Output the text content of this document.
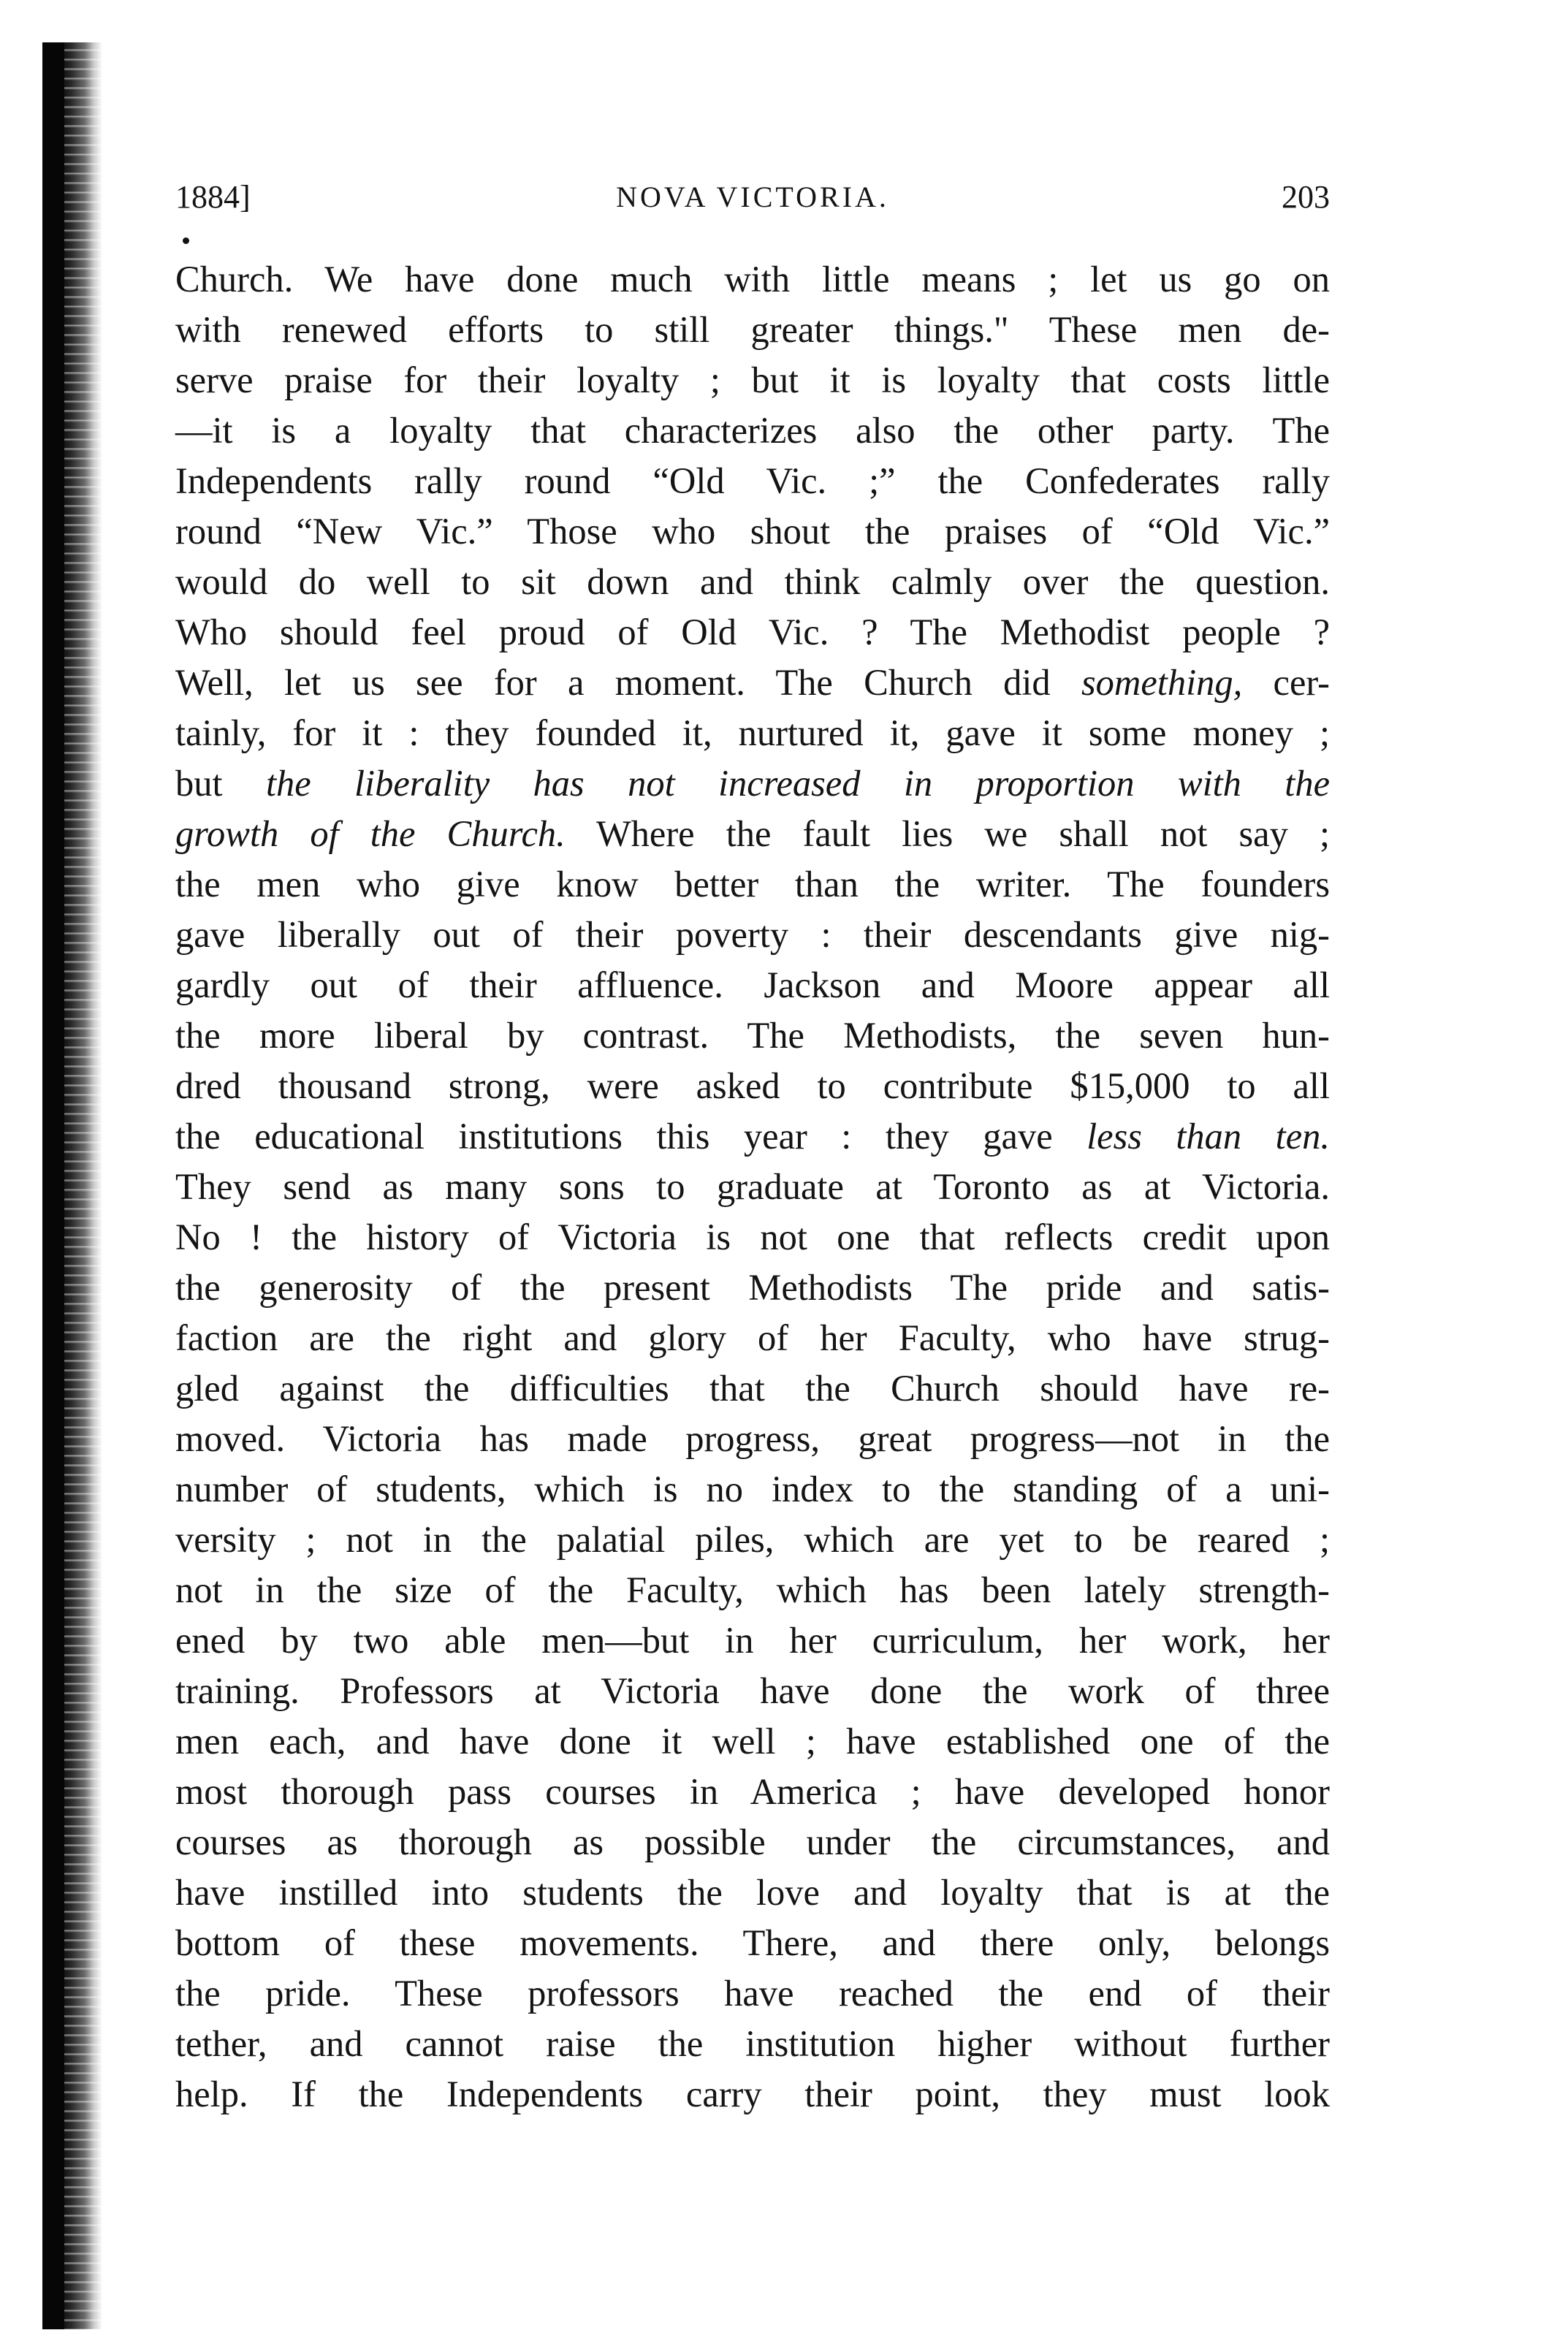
1884]	NOVA VICTORIA.	203
Church. We have done much with little means ; let us go on
with renewed efforts to still greater things." These men de-
serve praise for their loyalty ; but it is loyalty that costs little
—it is a loyalty that characterizes also the other party. The
Independents rally round “Old Vic. ;” the Confederates rally
round “New Vic.” Those who shout the praises of “Old Vic.”
would do well to sit down and think calmly over the question.
Who should feel proud of Old Vic. ? The Methodist people ?
Well, let us see for a moment. The Church did something, cer-
tainly, for it : they founded it, nurtured it, gave it some money ;
but the liberality has not increased in proportion with the
growth of the Church. Where the fault lies we shall not say ;
the men who give know better than the writer. The founders
gave liberally out of their poverty : their descendants give nig-
gardly out of their affluence. Jackson and Moore appear all
the more liberal by contrast. The Methodists, the seven hun-
dred thousand strong, were asked to contribute $15,000 to all
the educational institutions this year : they gave less than ten.
They send as many sons to graduate at Toronto as at Victoria.
No ! the history of Victoria is not one that reflects credit upon
the generosity of the present Methodists The pride and satis-
faction are the right and glory of her Faculty, who have strug-
gled against the difficulties that the Church should have re-
moved. Victoria has made progress, great progress—not in the
number of students, which is no index to the standing of a uni-
versity ; not in the palatial piles, which are yet to be reared ;
not in the size of the Faculty, which has been lately strength-
ened by two able men—but in her curriculum, her work, her
training. Professors at Victoria have done the work of three
men each, and have done it well ; have established one of the
most thorough pass courses in America ; have developed honor
courses as thorough as possible under the circumstances, and
have instilled into students the love and loyalty that is at the
bottom of these movements. There, and there only, belongs
the pride. These professors have reached the end of their
tether, and cannot raise the institution higher without further
help. If the Independents carry their point, they must look
